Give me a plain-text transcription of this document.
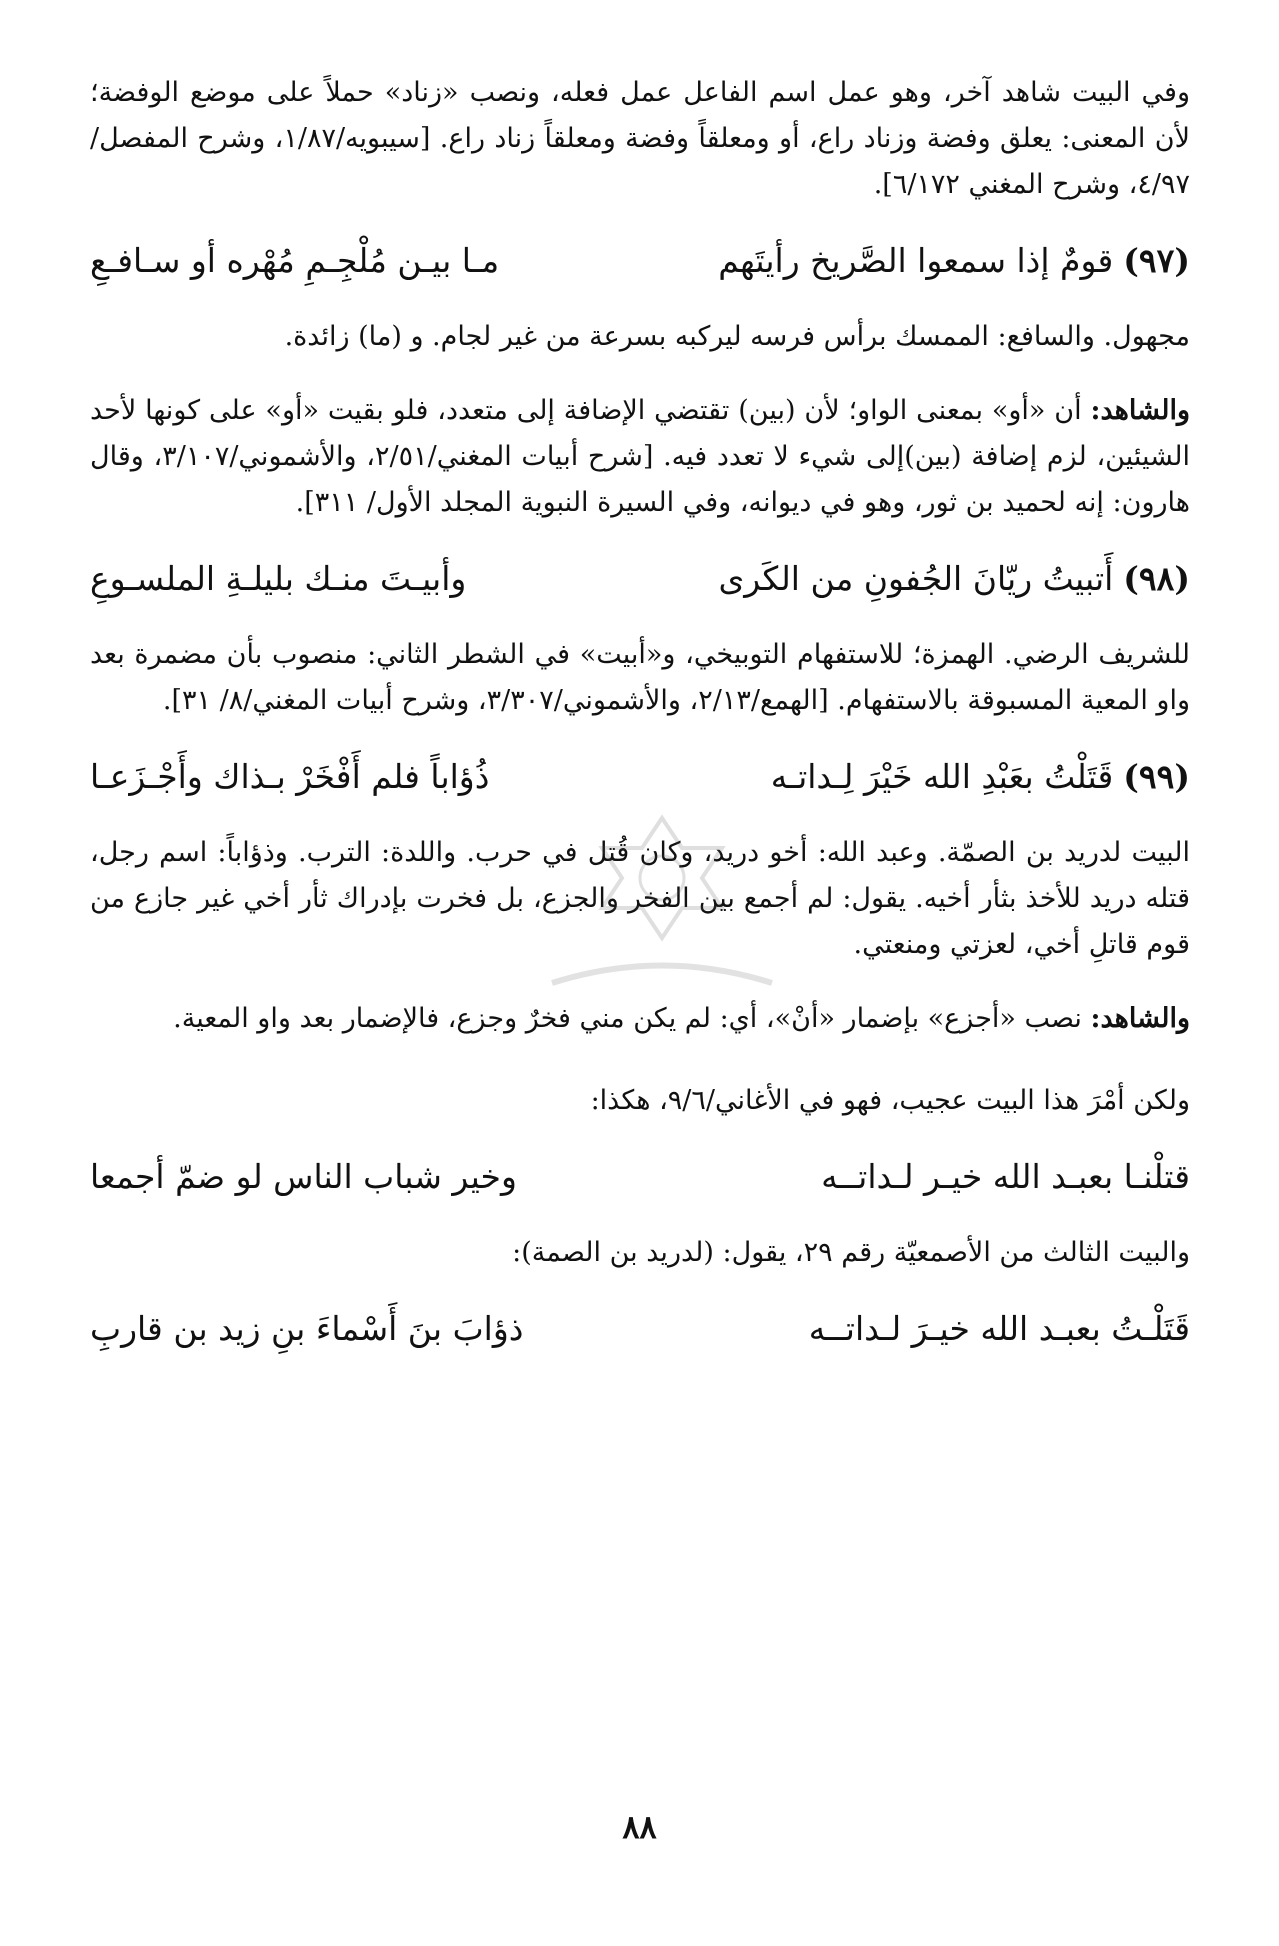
وفي البيت شاهد آخر، وهو عمل اسم الفاعل عمل فعله، ونصب «زناد» حملاً على موضع الوفضة؛ لأن المعنى: يعلق وفضة وزناد راع، أو ومعلقاً وفضة ومعلقاً زناد راع. [سيبويه/١/٨٧، وشرح المفصل/٤/٩٧، وشرح المغني ٦/١٧٢].

(٩٧)
قومٌ إذا سمعوا الصَّريخ رأيتَهم
مـا بيـن مُلْجِـمِ مُهْره أو سـافـعِ

مجهول. والسافع: الممسك برأس فرسه ليركبه بسرعة من غير لجام. و (ما) زائدة.

والشاهد: أن «أو» بمعنى الواو؛ لأن (بين) تقتضي الإضافة إلى متعدد، فلو بقيت «أو» على كونها لأحد الشيئين، لزم إضافة (بين)إلى شيء لا تعدد فيه. [شرح أبيات المغني/٢/٥١، والأشموني/٣/١٠٧، وقال هارون: إنه لحميد بن ثور، وهو في ديوانه، وفي السيرة النبوية المجلد الأول/ ٣١١].

(٩٨)
أَتبيتُ ريّانَ الجُفونِ من الكَرى
وأبيـتَ منـك بليلـةِ الملسـوعِ

للشريف الرضي. الهمزة؛ للاستفهام التوبيخي، و«أبيت» في الشطر الثاني: منصوب بأن مضمرة بعد واو المعية المسبوقة بالاستفهام. [الهمع/٢/١٣، والأشموني/٣/٣٠٧، وشرح أبيات المغني/٨/ ٣١].

(٩٩)
قَتَلْتُ بعَبْدِ الله خَيْرَ لِـداتـه
ذُؤاباً فلم أَفْخَرْ بـذاك وأَجْـزَعـا

البيت لدريد بن الصمّة. وعبد الله: أخو دريد، وكان قُتل في حرب. واللدة: الترب. وذؤاباً: اسم رجل، قتله دريد للأخذ بثأر أخيه. يقول: لم أجمع بين الفخر والجزع، بل فخرت بإدراك ثأر أخي غير جازع من قوم قاتلِ أخي، لعزتي ومنعتي.

والشاهد: نصب «أجزع» بإضمار «أنْ»، أي: لم يكن مني فخرٌ وجزع، فالإضمار بعد واو المعية.

ولكن أمْرَ هذا البيت عجيب، فهو في الأغاني/٩/٦، هكذا:

قتلْنـا بعبـد الله خيـر لـداتــه
وخير شباب الناس لو ضمّ أجمعا

والبيت الثالث من الأصمعيّة رقم ٢٩، يقول: (لدريد بن الصمة):

قَتَلْـتُ بعبـد الله خيـرَ لـداتــه
ذؤابَ بنَ أَسْماءَ بنِ زيد بن قاربِ
٨٨
